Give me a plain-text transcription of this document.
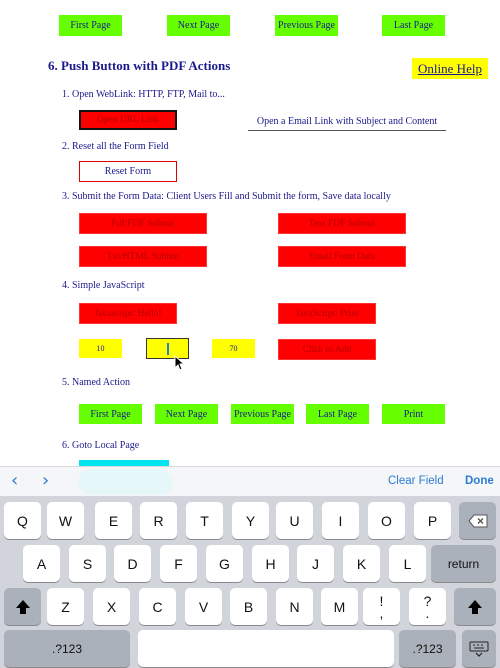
First Page	Next Page	Previous Page	Last Page
6. Push Button with PDF Actions	Online Help
1. Open WebLink: HTTP, FTP, Mail to...
Open URL Link	Open a Email Link with Subject and Content
2. Reset all the Form Field
Reset Form
3. Submit the Form Data: Client Users Fill and Submit the form, Save data locally
Fdf/FDF Submit	Text FDF Submit
Txt/HTML Submit	Email Form Data
4. Simple JavaScript
Javascript: Hello!	JavaScript: Print
10	70	Click to Add
5. Named Action
First Page	Next Page	Previous Page	Last Page	Print
6. Goto Local Page
‹ ›	Clear Field Done
Q	W	E	R	T	Y	U	I	O	P
A	S	D	F	G	H	J	K	L	return
Z	X	C	V	B	N	M	!
,
?
.
.?123	.?123
